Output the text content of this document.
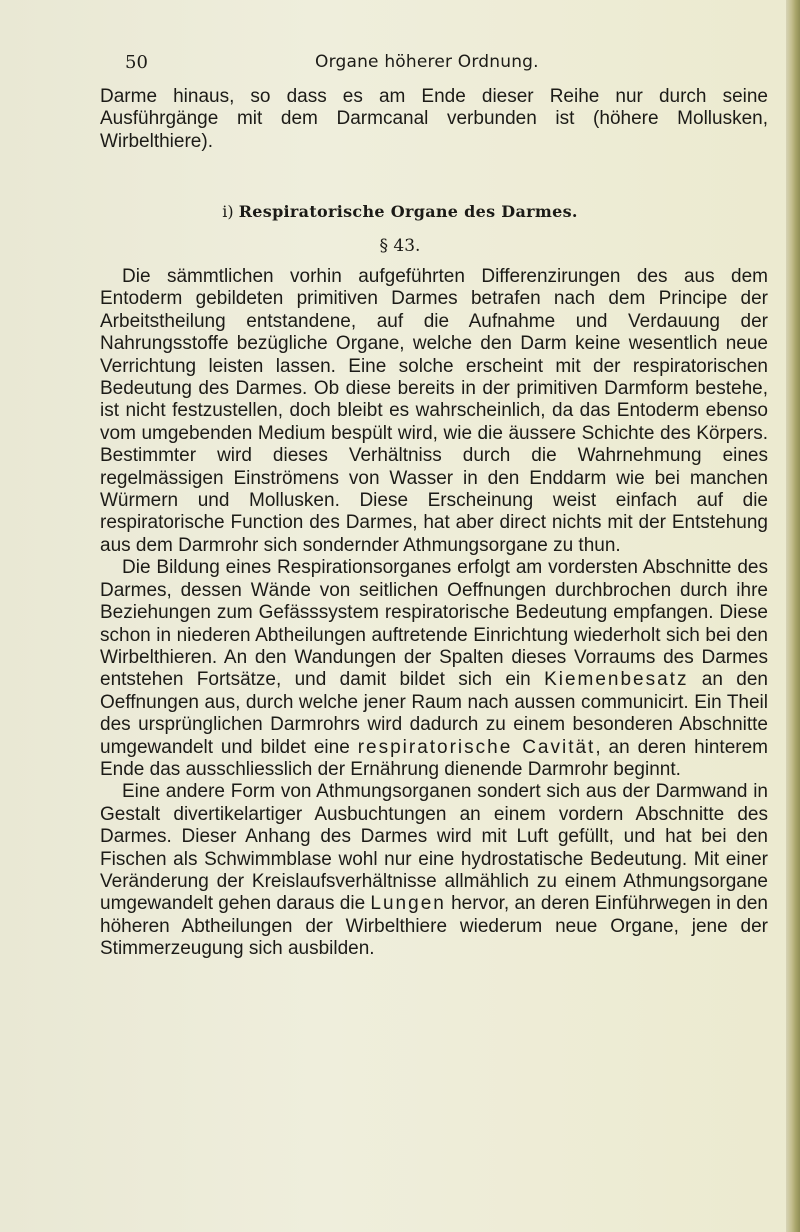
50	Organe höherer Ordnung.

Darme hinaus, so dass es am Ende dieser Reihe nur durch seine Ausführgänge mit dem Darmcanal verbunden ist (höhere Mollusken, Wirbelthiere).

i) Respiratorische Organe des Darmes.
§ 43.

Die sämmtlichen vorhin aufgeführten Differenzirungen des aus dem Entoderm gebildeten primitiven Darmes betrafen nach dem Principe der Arbeitstheilung entstandene, auf die Aufnahme und Verdauung der Nahrungsstoffe bezügliche Organe, welche den Darm keine wesentlich neue Verrichtung leisten lassen. Eine solche erscheint mit der respiratorischen Bedeutung des Darmes. Ob diese bereits in der primitiven Darmform bestehe, ist nicht festzustellen, doch bleibt es wahrscheinlich, da das Entoderm ebenso vom umgebenden Medium bespült wird, wie die äussere Schichte des Körpers. Bestimmter wird dieses Verhältniss durch die Wahrnehmung eines regelmässigen Einströmens von Wasser in den Enddarm wie bei manchen Würmern und Mollusken. Diese Erscheinung weist einfach auf die respiratorische Function des Darmes, hat aber direct nichts mit der Entstehung aus dem Darmrohr sich sondernder Athmungsorgane zu thun.

Die Bildung eines Respirationsorganes erfolgt am vordersten Abschnitte des Darmes, dessen Wände von seitlichen Oeffnungen durchbrochen durch ihre Beziehungen zum Gefässsystem respiratorische Bedeutung empfangen. Diese schon in niederen Abtheilungen auftretende Einrichtung wiederholt sich bei den Wirbelthieren. An den Wandungen der Spalten dieses Vorraums des Darmes entstehen Fortsätze, und damit bildet sich ein Kiemenbesatz an den Oeffnungen aus, durch welche jener Raum nach aussen communicirt. Ein Theil des ursprünglichen Darmrohrs wird dadurch zu einem besonderen Abschnitte umgewandelt und bildet eine respiratorische Cavität, an deren hinterem Ende das ausschliesslich der Ernährung dienende Darmrohr beginnt.

Eine andere Form von Athmungsorganen sondert sich aus der Darmwand in Gestalt divertikelartiger Ausbuchtungen an einem vordern Abschnitte des Darmes. Dieser Anhang des Darmes wird mit Luft gefüllt, und hat bei den Fischen als Schwimmblase wohl nur eine hydrostatische Bedeutung. Mit einer Veränderung der Kreislaufsverhältnisse allmählich zu einem Athmungsorgane umgewandelt gehen daraus die Lungen hervor, an deren Einführwegen in den höheren Abtheilungen der Wirbelthiere wiederum neue Organe, jene der Stimmerzeugung sich ausbilden.
